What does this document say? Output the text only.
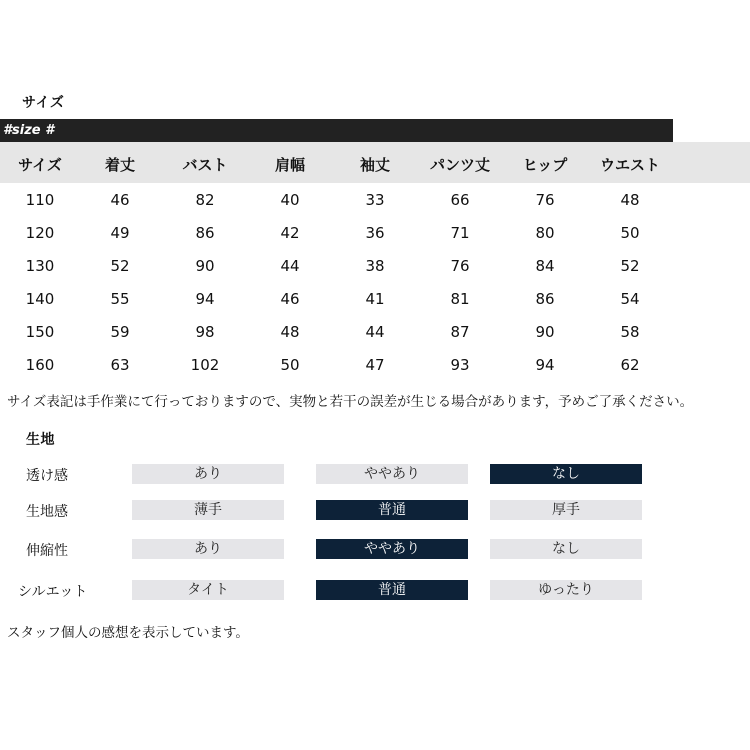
サイズ
#size #
サイズ	着丈	バスト	肩幅	袖丈	パンツ丈	ヒップ	ウエスト
110	46	82	40	33	66	76	48
120	49	86	42	36	71	80	50
130	52	90	44	38	76	84	52
140	55	94	46	41	81	86	54
150	59	98	48	44	87	90	58
160	63	102	50	47	93	94	62
サイズ表記は手作業にて行っておりますので、実物と若干の誤差が生じる場合があります，予めご了承ください。
生地
透け感	あり	ややあり	なし
生地感	薄手	普通	厚手
伸縮性	あり	ややあり	なし
シルエット	タイト	普通	ゆったり
スタッフ個人の感想を表示しています。
